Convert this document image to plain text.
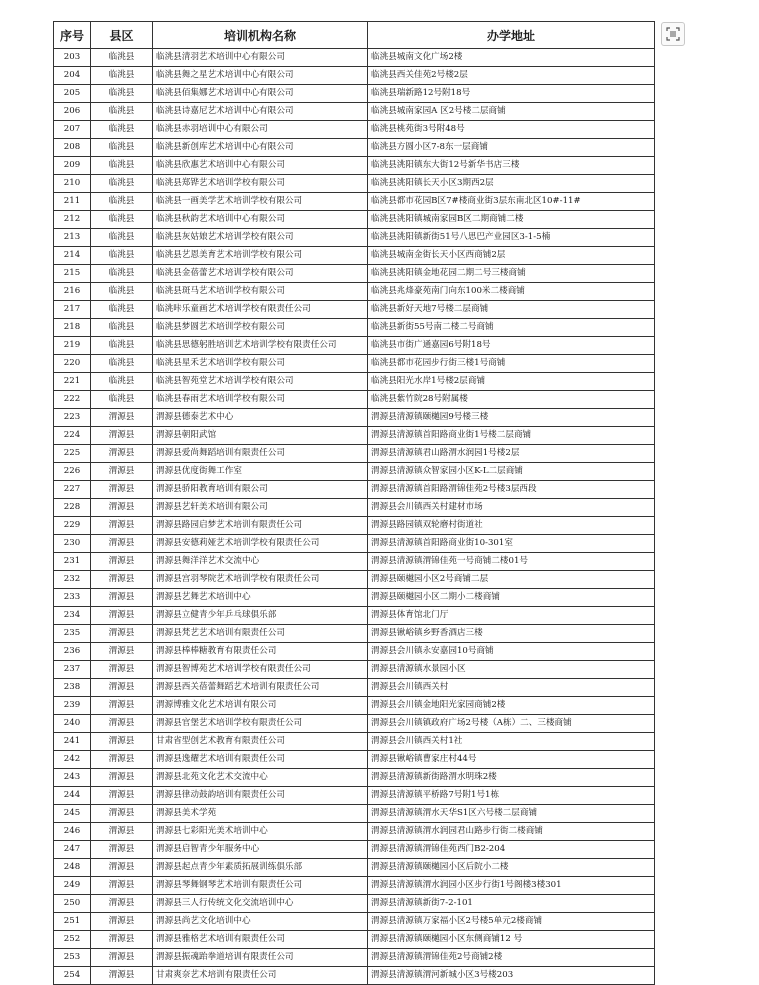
序号	县区	培训机构名称	办学地址
203	临洮县	临洮县清羽艺术培训中心有限公司	临洮县城南文化广场2楼
204	临洮县	临洮县舞之星艺术培训中心有限公司	临洮县西关佳苑2号楼2层
205	临洮县	临洮县佰集娜艺术培训中心有限公司	临洮县瑞新路12号附18号
206	临洮县	临洮县诗嘉尼艺术培训中心有限公司	临洮县城南家园A 区2号楼二层商铺
207	临洮县	临洮县赤羽培训中心有限公司	临洮县桃苑街3号附48号
208	临洮县	临洮县新创库艺术培训中心有限公司	临洮县方圆小区7-8东一层商铺
209	临洮县	临洮县欣惠艺术培训中心有限公司	临洮县洮阳镇东大街12号新华书店三楼
210	临洮县	临洮县郑铧艺术培训学校有限公司	临洮县洮阳镇长天小区3期西2层
211	临洮县	临洮县一画美学艺术培训学校有限公司	临洮县都市花园B区7#楼商业街3层东南北区10#-11#
212	临洮县	临洮县秋韵艺术培训中心有限公司	临洮县洮阳镇城南家园B区二期商铺二楼
213	临洮县	临洮县灰姑娘艺术培训学校有限公司	临洮县洮阳镇新街51号八思巴产业园区3-1-5楠
214	临洮县	临洮县艺恩美育艺术培训学校有限公司	临洮县城南金街长天小区西商铺2层
215	临洮县	临洮县金蓓蕾艺术培训学校有限公司	临洮县洮阳镇金地花园二期二号三楼商铺
216	临洮县	临洮县斑马艺术培训学校有限公司	临洮县兆烽豪苑南门向东100米二楼商铺
217	临洮县	临洮咔乐童画艺术培训学校有限责任公司	临洮县新好天地7号楼二层商铺
218	临洮县	临洮县梦圆艺术培训学校有限公司	临洮县新街55号南二楼二号商铺
219	临洮县	临洮县思德躬胜培训艺术培训学校有限责任公司	临洮县市街广通嘉园6号附18号
220	临洮县	临洮县星禾艺术培训学校有限公司	临洮县都市花园步行街三楼1号商铺
221	临洮县	临洮县智苑堂艺术培训学校有限公司	临洮县阳光水岸1号楼2层商铺
222	临洮县	临洮县春雨艺术培训学校有限公司	临洮县紫竹院28号附属楼
223	渭源县	渭源县德泰艺术中心	渭源县清源镇颐樾园9号楼三楼
224	渭源县	渭源县朝阳武馆	渭源县清源镇首阳路商业街1号楼二层商铺
225	渭源县	渭源县爱尚舞蹈培训有限责任公司	渭源县清源镇君山路渭水润园1号楼2层
226	渭源县	渭源县优度街舞工作室	渭源县清源镇众智家园小区K-L二层商铺
227	渭源县	渭源县骄阳教育培训有限公司	渭源县清源镇首阳路渭锦佳苑2号楼3层西段
228	渭源县	渭源县艺轩美术培训有限公司	渭源县会川镇西关村建材市场
229	渭源县	渭源县路园启梦艺术培训有限责任公司	渭源县路园镇双轮磨村街道社
230	渭源县	渭源县安德莉娅艺术培训学校有限责任公司	渭源县清源镇首阳路商业街10-301室
231	渭源县	渭源县舞洋洋艺术交流中心	渭源县清源镇渭锦佳苑一号商铺二楼01号
232	渭源县	渭源县宫羽琴院艺术培训学校有限责任公司	渭源县颐樾园小区2号商铺二层
233	渭源县	渭源县艺舞艺术培训中心	渭源县颐樾园小区二期小二楼商铺
234	渭源县	渭源县立健青少年乒乓球俱乐部	渭源县体育馆北门厅
235	渭源县	渭源县梵艺艺术培训有限责任公司	渭源县锹峪镇乡野香酒店三楼
236	渭源县	渭源县棒棒糖教育有限责任公司	渭源县会川镇永安嘉园10号商铺
237	渭源县	渭源县智博苑艺术培训学校有限责任公司	渭源县清源镇水景园小区
238	渭源县	渭源县西关蓓蕾舞蹈艺术培训有限责任公司	渭源县会川镇西关村
239	渭源县	渭源博雅文化艺术培训有限公司	渭源县会川镇金地阳光家园商铺2楼
240	渭源县	渭源县官堡艺术培训学校有限责任公司	渭源县会川镇镇政府广场2号楼（A栋）二、三楼商铺
241	渭源县	甘肃省型创艺术教育有限责任公司	渭源县会川镇西关村1社
242	渭源县	渭源县逸耀艺术培训有限责任公司	渭源县锹峪镇曹家庄村44号
243	渭源县	渭源县北苑文化艺术交流中心	渭源县清源镇新街路渭水明珠2楼
244	渭源县	渭源县律动鼓韵培训有限责任公司	渭源县清源镇平桥路7号附1号1栋
245	渭源县	渭源县美术学苑	渭源县清源镇渭水天华S1区六号楼二层商铺
246	渭源县	渭源县七彩阳光美术培训中心	渭源县清源镇渭水润园君山路步行街二楼商铺
247	渭源县	渭源县启智青少年服务中心	渭源县清源镇渭锦佳苑西门B2-204
248	渭源县	渭源县起点青少年素质拓展训练俱乐部	渭源县清源镇颐樾园小区后院小二楼
249	渭源县	渭源县琴舞钢琴艺术培训有限责任公司	渭源县清源镇渭水润园小区步行街1号阁楼3楼301
250	渭源县	渭源县三人行传统文化交流培训中心	渭源县清源镇新街7-2-101
251	渭源县	渭源县尚艺文化培训中心	渭源县清源镇万家福小区2号楼5单元2楼商铺
252	渭源县	渭源县雅格艺术培训有限责任公司	渭源县清源镇颐樾园小区东侧商铺12 号
253	渭源县	渭源县振魂跆拳道培训有限责任公司	渭源县清源镇渭锦佳苑2号商铺2楼
254	渭源县	甘肃爽奈艺术培训有限责任公司	渭源县清源镇渭河新城小区3号楼203
